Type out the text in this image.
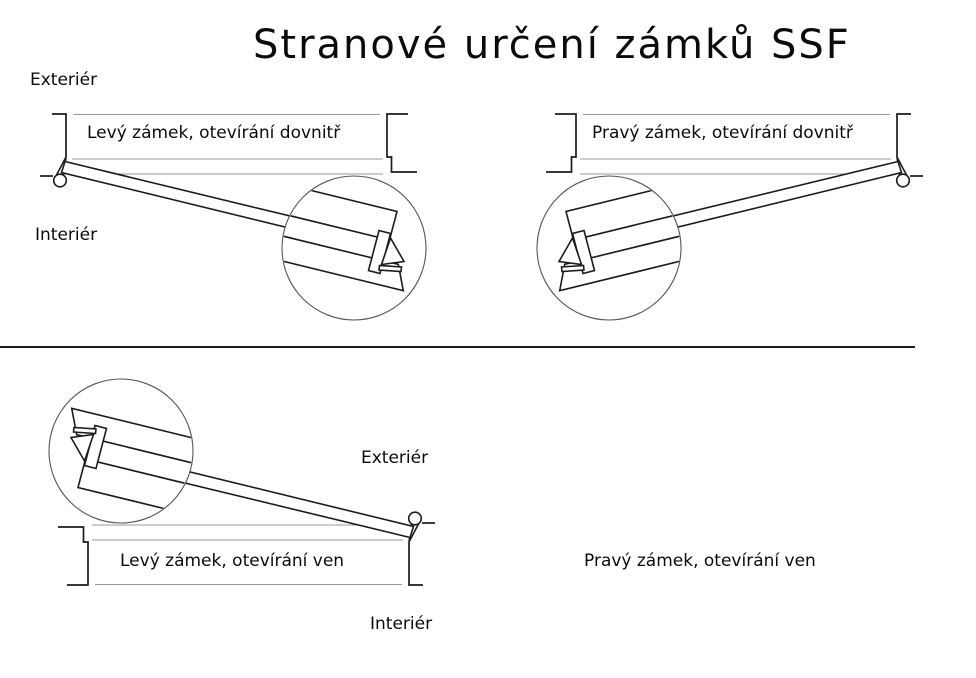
Stranové určení zámků SSF
Exteriér
Interiér
Exteriér
Interiér
Levý zámek, otevírání dovnitř	Pravý zámek, otevírání dovnitř
Levý zámek, otevírání ven	Pravý zámek, otevírání ven
